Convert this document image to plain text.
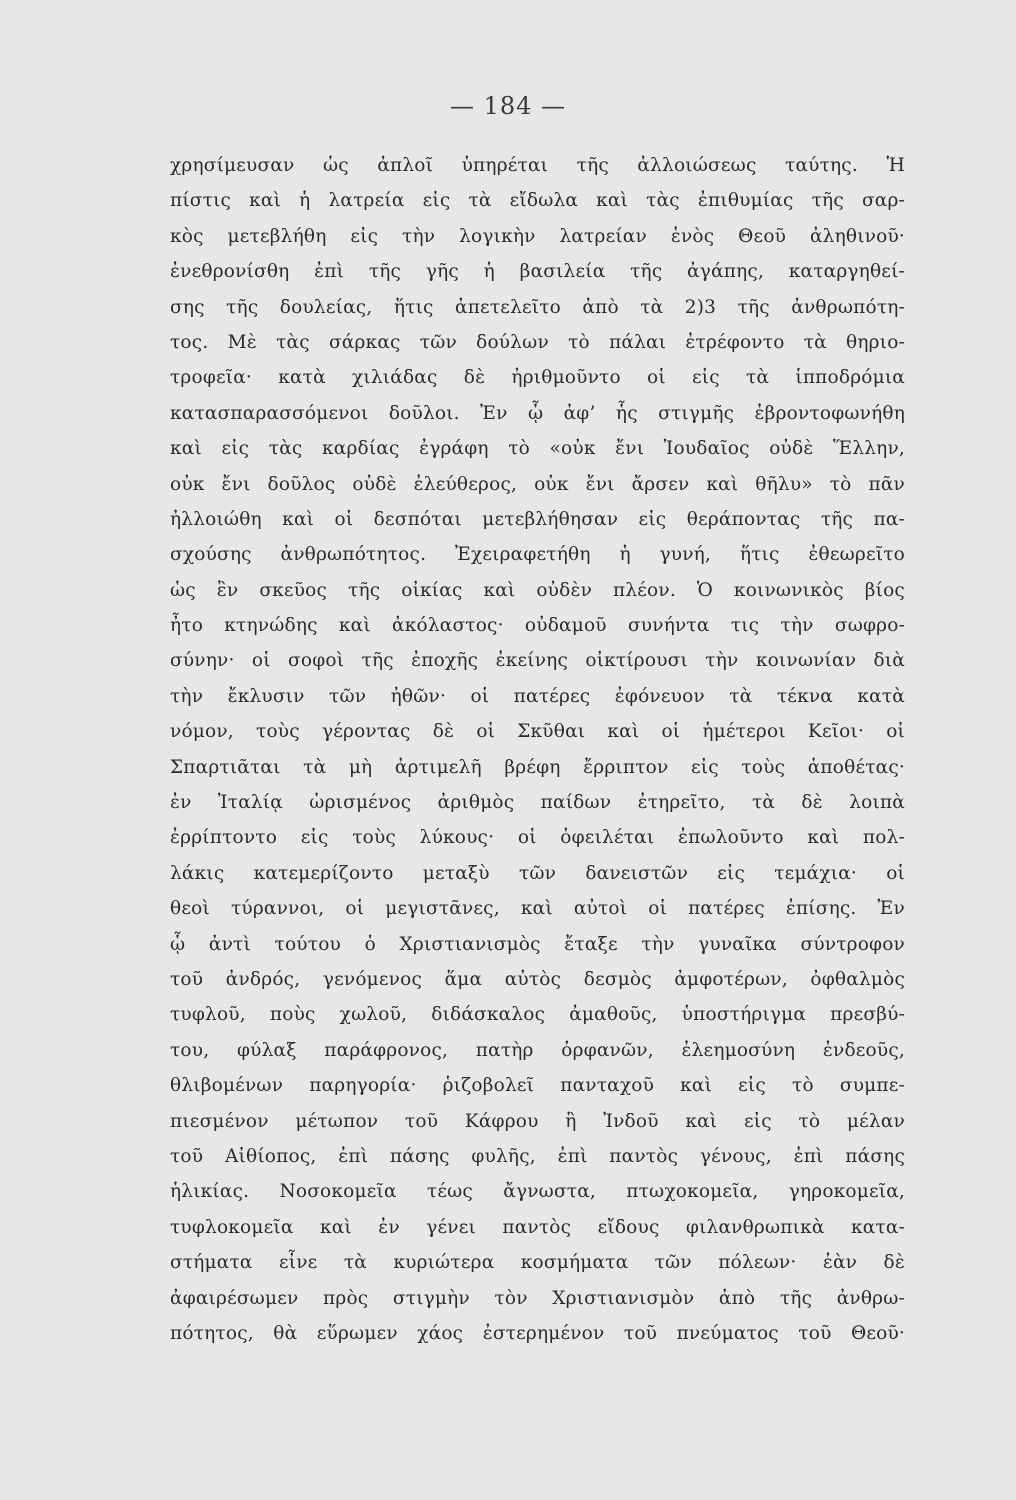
— 184 —
χρησίμευσαν ὡς ἁπλοῖ ὑπηρέται τῆς ἀλλοιώσεως ταύτης. Ἡ
πίστις καὶ ἡ λατρεία εἰς τὰ εἴδωλα καὶ τὰς ἐπιθυμίας τῆς σαρ-
κὸς μετεβλήθη εἰς τὴν λογικὴν λατρείαν ἑνὸς Θεοῦ ἀληθινοῦ·
ἐνεθρονίσθη ἐπὶ τῆς γῆς ἡ βασιλεία τῆς ἀγάπης, καταργηθεί-
σης τῆς δουλείας, ἥτις ἀπετελεῖτο ἀπὸ τὰ 2)3 τῆς ἀνθρωπότη-
τος. Μὲ τὰς σάρκας τῶν δούλων τὸ πάλαι ἐτρέφοντο τὰ θηριο-
τροφεῖα· κατὰ χιλιάδας δὲ ἠριθμοῦντο οἱ εἰς τὰ ἱπποδρόμια
κατασπαρασσόμενοι δοῦλοι. Ἐν ᾧ ἀφ’ ἧς στιγμῆς ἐβροντοφωνήθη
καὶ εἰς τὰς καρδίας ἐγράφη τὸ «οὐκ ἔνι Ἰουδαῖος οὐδὲ Ἕλλην,
οὐκ ἔνι δοῦλος οὐδὲ ἐλεύθερος, οὐκ ἔνι ἄρσεν καὶ θῆλυ» τὸ πᾶν
ἠλλοιώθη καὶ οἱ δεσπόται μετεβλήθησαν εἰς θεράποντας τῆς πα-
σχούσης ἀνθρωπότητος. Ἐχειραφετήθη ἡ γυνή, ἥτις ἐθεωρεῖτο
ὡς ἓν σκεῦος τῆς οἰκίας καὶ οὐδὲν πλέον. Ὁ κοινωνικὸς βίος
ἦτο κτηνώδης καὶ ἀκόλαστος· οὐδαμοῦ συνήντα τις τὴν σωφρο-
σύνην· οἱ σοφοὶ τῆς ἐποχῆς ἐκείνης οἰκτίρουσι τὴν κοινωνίαν διὰ
τὴν ἔκλυσιν τῶν ἠθῶν· οἱ πατέρες ἐφόνευον τὰ τέκνα κατὰ
νόμον, τοὺς γέροντας δὲ οἱ Σκῦθαι καὶ οἱ ἡμέτεροι Κεῖοι· οἱ
Σπαρτιᾶται τὰ μὴ ἀρτιμελῆ βρέφη ἔρριπτον εἰς τοὺς ἀποθέτας·
ἐν Ἰταλίᾳ ὡρισμένος ἀριθμὸς παίδων ἐτηρεῖτο, τὰ δὲ λοιπὰ
ἐρρίπτοντο εἰς τοὺς λύκους· οἱ ὀφειλέται ἐπωλοῦντο καὶ πολ-
λάκις κατεμερίζοντο μεταξὺ τῶν δανειστῶν εἰς τεμάχια· οἱ
θεοὶ τύραννοι, οἱ μεγιστᾶνες, καὶ αὐτοὶ οἱ πατέρες ἐπίσης. Ἐν
ᾧ ἀντὶ τούτου ὁ Χριστιανισμὸς ἔταξε τὴν γυναῖκα σύντροφον
τοῦ ἀνδρός, γενόμενος ἅμα αὐτὸς δεσμὸς ἀμφοτέρων, ὀφθαλμὸς
τυφλοῦ, ποὺς χωλοῦ, διδάσκαλος ἀμαθοῦς, ὑποστήριγμα πρεσβύ-
του, φύλαξ παράφρονος, πατὴρ ὀρφανῶν, ἐλεημοσύνη ἐνδεοῦς,
θλιβομένων παρηγορία· ῥιζοβολεῖ πανταχοῦ καὶ εἰς τὸ συμπε-
πιεσμένον μέτωπον τοῦ Κάφρου ἢ Ἰνδοῦ καὶ εἰς τὸ μέλαν
τοῦ Αἰθίοπος, ἐπὶ πάσης φυλῆς, ἐπὶ παντὸς γένους, ἐπὶ πάσης
ἡλικίας. Νοσοκομεῖα τέως ἄγνωστα, πτωχοκομεῖα, γηροκομεῖα,
τυφλοκομεῖα καὶ ἐν γένει παντὸς εἴδους φιλανθρωπικὰ κατα-
στήματα εἶνε τὰ κυριώτερα κοσμήματα τῶν πόλεων· ἐὰν δὲ
ἀφαιρέσωμεν πρὸς στιγμὴν τὸν Χριστιανισμὸν ἀπὸ τῆς ἀνθρω-
πότητος, θὰ εὕρωμεν χάος ἐστερημένον τοῦ πνεύματος τοῦ Θεοῦ·
